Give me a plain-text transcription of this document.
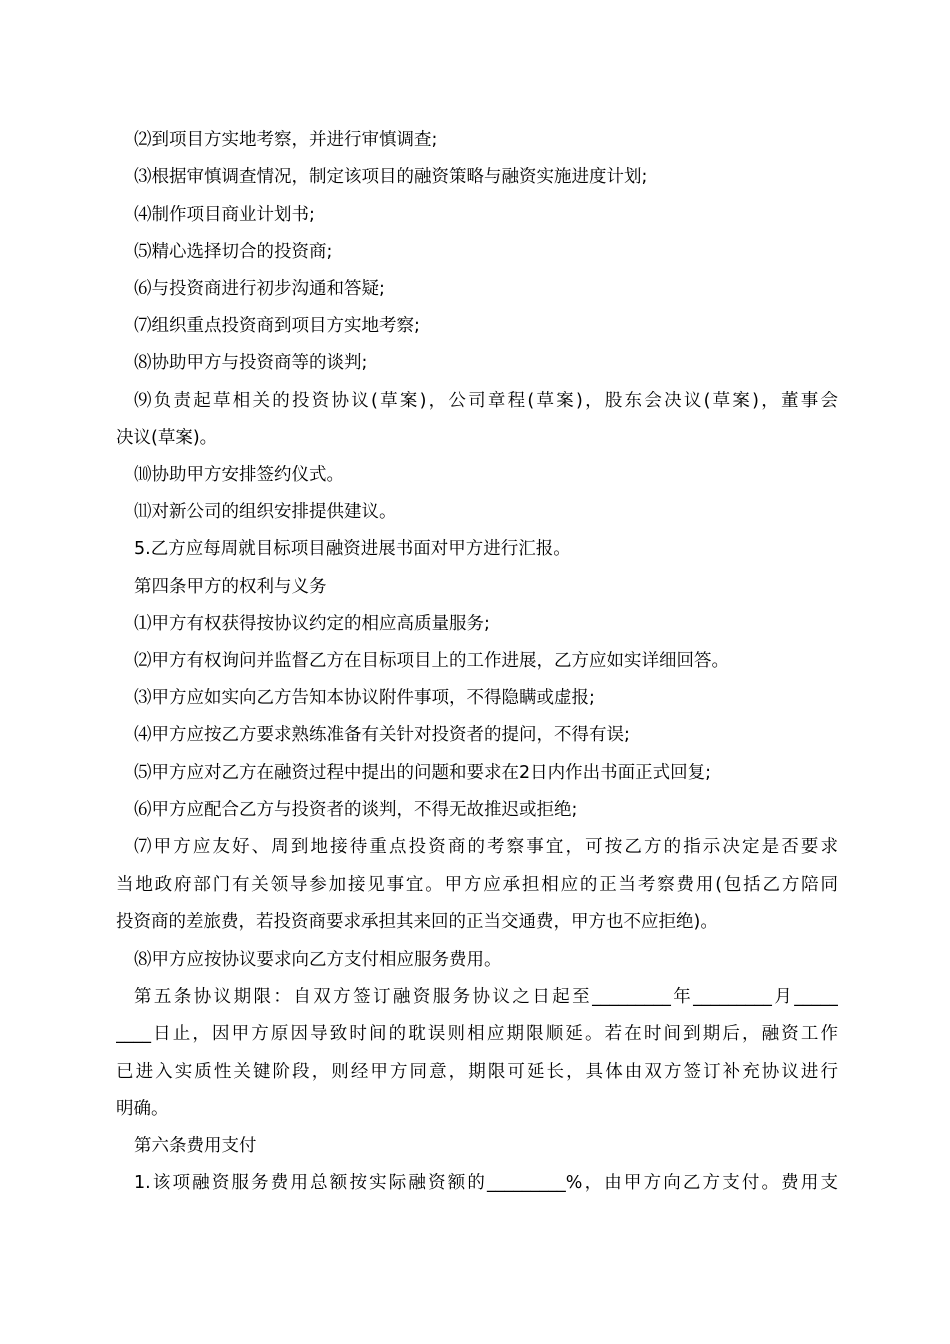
⑵到项目方实地考察，并进行审慎调查;
⑶根据审慎调查情况，制定该项目的融资策略与融资实施进度计划;
⑷制作项目商业计划书;
⑸精心选择切合的投资商;
⑹与投资商进行初步沟通和答疑;
⑺组织重点投资商到项目方实地考察;
⑻协助甲方与投资商等的谈判;
⑼负责起草相关的投资协议(草案)，公司章程(草案)，股东会决议(草案)，董事会
决议(草案)。
⑽协助甲方安排签约仪式。
⑾对新公司的组织安排提供建议。
5.乙方应每周就目标项目融资进展书面对甲方进行汇报。
第四条甲方的权利与义务
⑴甲方有权获得按协议约定的相应高质量服务;
⑵甲方有权询问并监督乙方在目标项目上的工作进展，乙方应如实详细回答。
⑶甲方应如实向乙方告知本协议附件事项，不得隐瞒或虚报;
⑷甲方应按乙方要求熟练准备有关针对投资者的提问，不得有误;
⑸甲方应对乙方在融资过程中提出的问题和要求在2日内作出书面正式回复;
⑹甲方应配合乙方与投资者的谈判，不得无故推迟或拒绝;
⑺甲方应友好、周到地接待重点投资商的考察事宜，可按乙方的指示决定是否要求
当地政府部门有关领导参加接见事宜。甲方应承担相应的正当考察费用(包括乙方陪同
投资商的差旅费，若投资商要求承担其来回的正当交通费，甲方也不应拒绝)。
⑻甲方应按协议要求向乙方支付相应服务费用。
第五条协议期限：自双方签订融资服务协议之日起至_________年_________月_____
____日止，因甲方原因导致时间的耽误则相应期限顺延。若在时间到期后，融资工作
已进入实质性关键阶段，则经甲方同意，期限可延长，具体由双方签订补充协议进行
明确。
第六条费用支付
1.该项融资服务费用总额按实际融资额的_________%，由甲方向乙方支付。费用支
